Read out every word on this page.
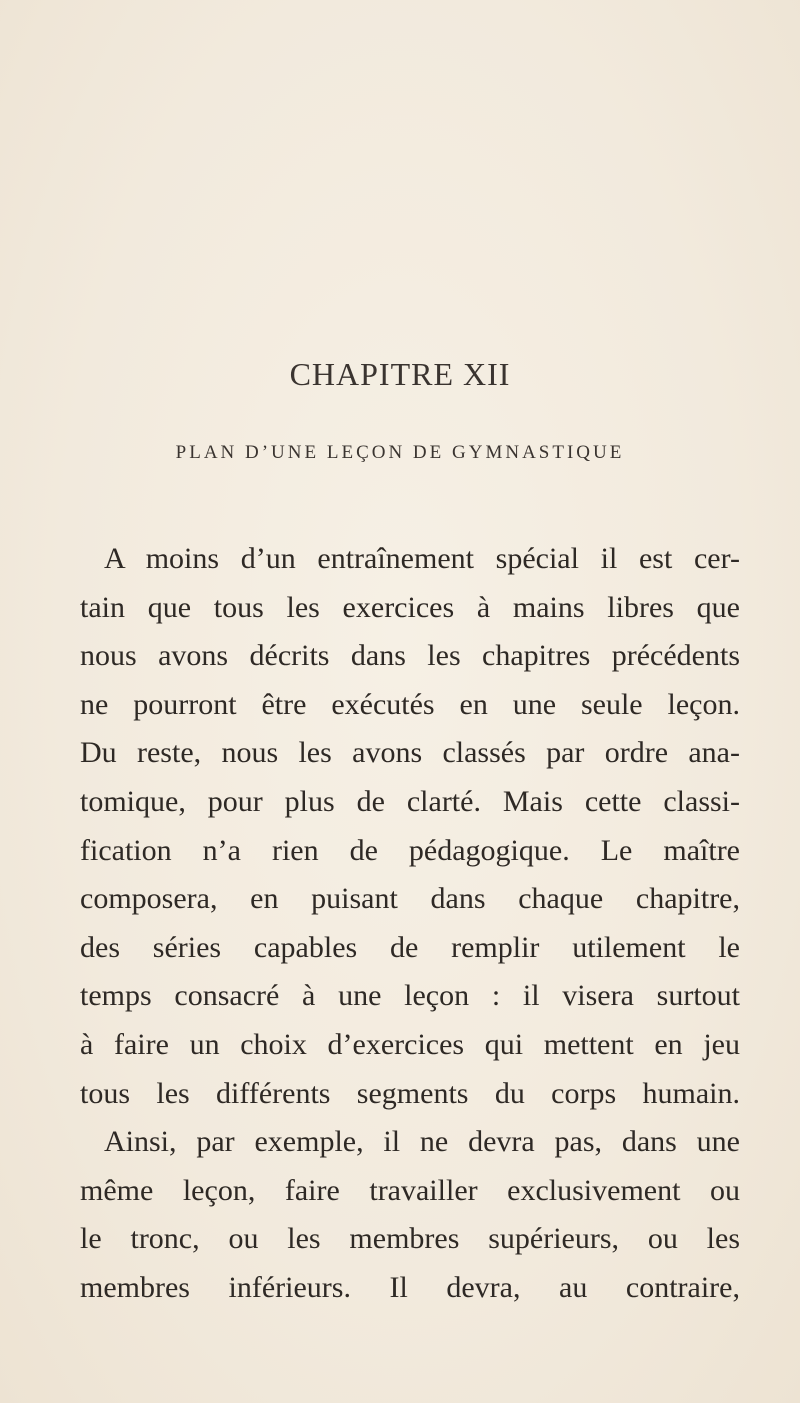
CHAPITRE XII
PLAN D’UNE LEÇON DE GYMNASTIQUE
A moins d’un entraînement spécial il est cer-
tain que tous les exercices à mains libres que
nous avons décrits dans les chapitres précédents
ne pourront être exécutés en une seule leçon.
Du reste, nous les avons classés par ordre ana-
tomique, pour plus de clarté. Mais cette classi-
fication n’a rien de pédagogique. Le maître
composera, en puisant dans chaque chapitre,
des séries capables de remplir utilement le
temps consacré à une leçon : il visera surtout
à faire un choix d’exercices qui mettent en jeu
tous les différents segments du corps humain.
Ainsi, par exemple, il ne devra pas, dans une
même leçon, faire travailler exclusivement ou
le tronc, ou les membres supérieurs, ou les
membres inférieurs. Il devra, au contraire,
